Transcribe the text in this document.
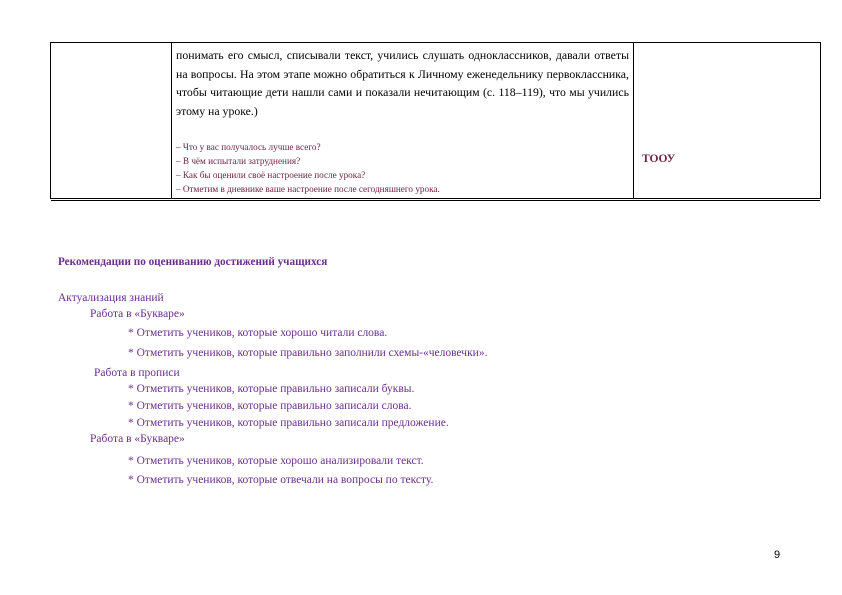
понимать его смысл, списывали текст, учились слушать одноклассников, давали ответы на вопросы. На этом этапе можно обратиться к Личному еженедельнику первоклассника, чтобы читающие дети нашли сами и показали нечитающим (с. 118–119), что мы учились этому на уроке.)

– Что у вас получалось лучше всего?
– В чём испытали затруднения?
– Как бы оценили своё настроение после урока?
– Отметим в дневнике ваше настроение после сегодняшнего урока.
ТООУ
Рекомендации по оцениванию достижений учащихся
Актуализация знаний
Работа в «Букваре»
* Отметить учеников, которые хорошо читали слова.
* Отметить учеников, которые правильно заполнили схемы-«человечки».
Работа в прописи
* Отметить учеников, которые правильно записали буквы.
* Отметить учеников, которые правильно записали слова.
* Отметить учеников, которые правильно записали предложение.
Работа в «Букваре»
* Отметить учеников, которые хорошо анализировали текст.
* Отметить учеников, которые отвечали на вопросы по тексту.
9
